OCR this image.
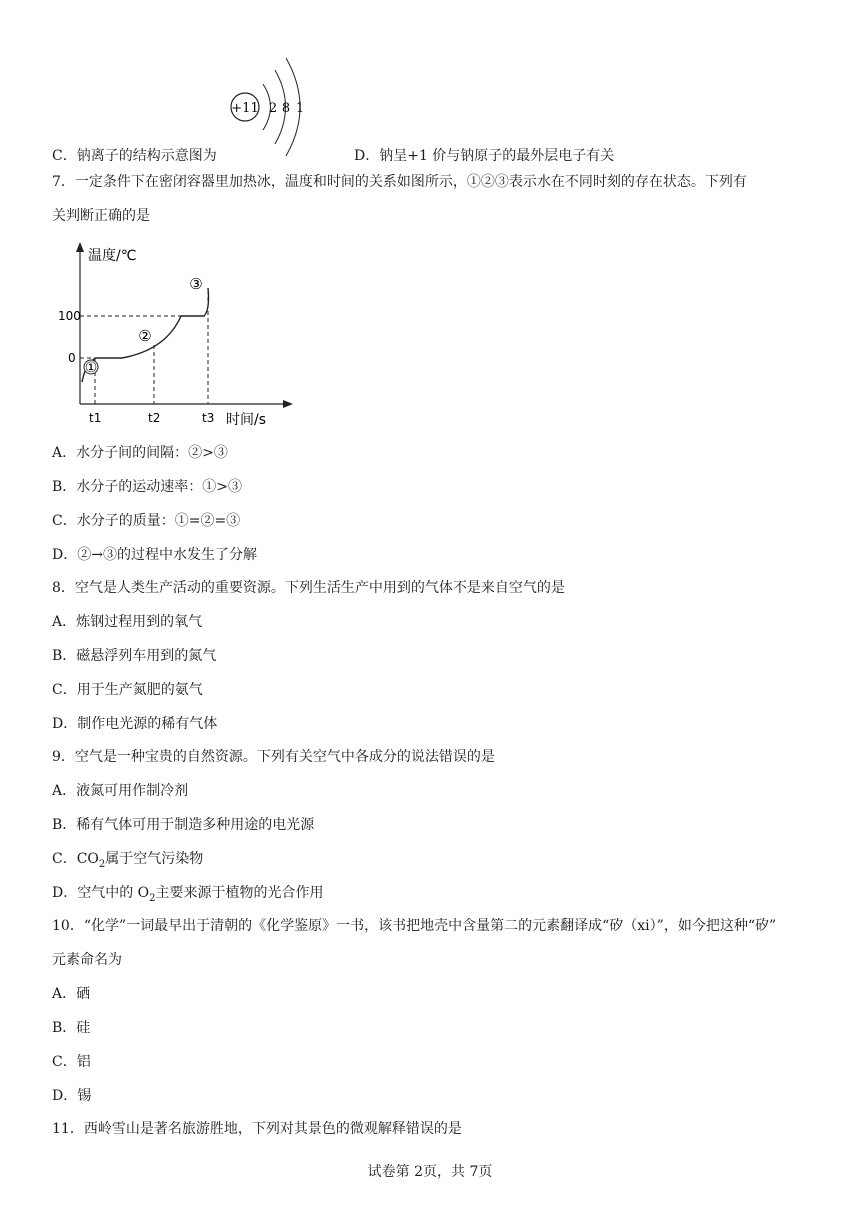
+11 2 8 1
C．钠离子的结构示意图为	D．钠呈+1 价与钠原子的最外层电子有关
7．一定条件下在密闭容器里加热冰，温度和时间的关系如图所示，①②③表示水在不同时刻的存在状态。下列有
关判断正确的是
温度/℃
时间/s
100
0
①
②
③
t1	t2	t3
A．水分子间的间隔：②>③
B．水分子的运动速率：①>③
C．水分子的质量：①=②=③
D．②→③的过程中水发生了分解
8．空气是人类生产活动的重要资源。下列生活生产中用到的气体不是来自空气的是
A．炼钢过程用到的氧气
B．磁悬浮列车用到的氮气
C．用于生产氮肥的氨气
D．制作电光源的稀有气体
9．空气是一种宝贵的自然资源。下列有关空气中各成分的说法错误的是
A．液氮可用作制冷剂
B．稀有气体可用于制造多种用途的电光源
C．$CO_2$属于空气污染物
D．空气中的 $O_2$主要来源于植物的光合作用
10．“化学”一词最早出于清朝的《化学鉴原》一书，该书把地壳中含量第二的元素翻译成“矽（xi）”，如今把这种“矽”
元素命名为
A．硒
B．硅
C．铝
D．锡
11．西岭雪山是著名旅游胜地，下列对其景色的微观解释错误的是
试卷第 2页，共 7页
